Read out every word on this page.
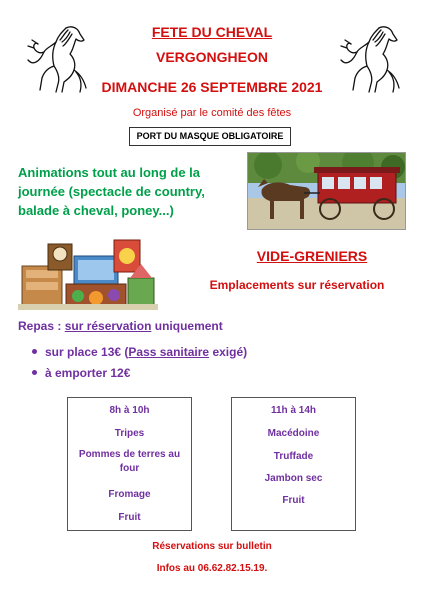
FETE DU CHEVAL
VERGONGHEON
DIMANCHE 26 SEPTEMBRE 2021
Organisé par le comité des fêtes
PORT DU MASQUE OBLIGATOIRE
Animations tout au long de la journée (spectacle de country, balade à cheval, poney...)
VIDE-GRENIERS
Emplacements sur réservation
Repas : sur réservation uniquement
sur place 13€ (Pass sanitaire exigé)
à emporter 12€
8h à 10h
Tripes
Pommes de terres au four
Fromage
Fruit
11h à 14h
Macédoine
Truffade
Jambon sec
Fruit
Réservations sur bulletin
Infos au 06.62.82.15.19.
